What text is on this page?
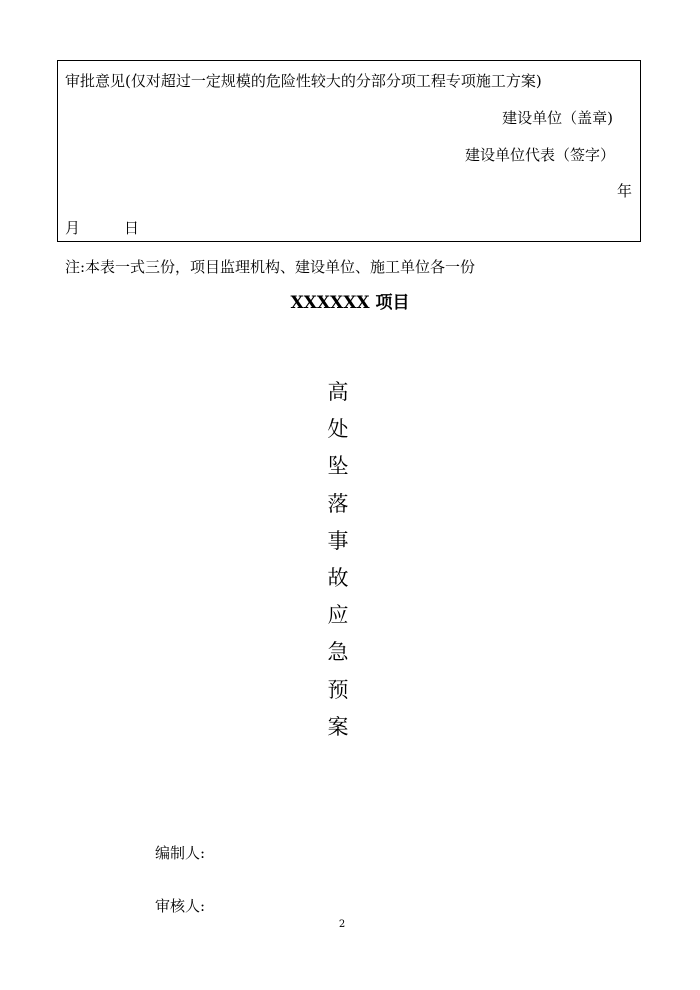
审批意见(仅对超过一定规模的危险性较大的分部分项工程专项施工方案)
建设单位（盖章)
建设单位代表（签字）
年
月	日
注:本表一式三份，项目监理机构、建设单位、施工单位各一份
XXXXXX 项目
高
处
坠
落
事
故
应
急
预
案
编制人:
审核人:
2
